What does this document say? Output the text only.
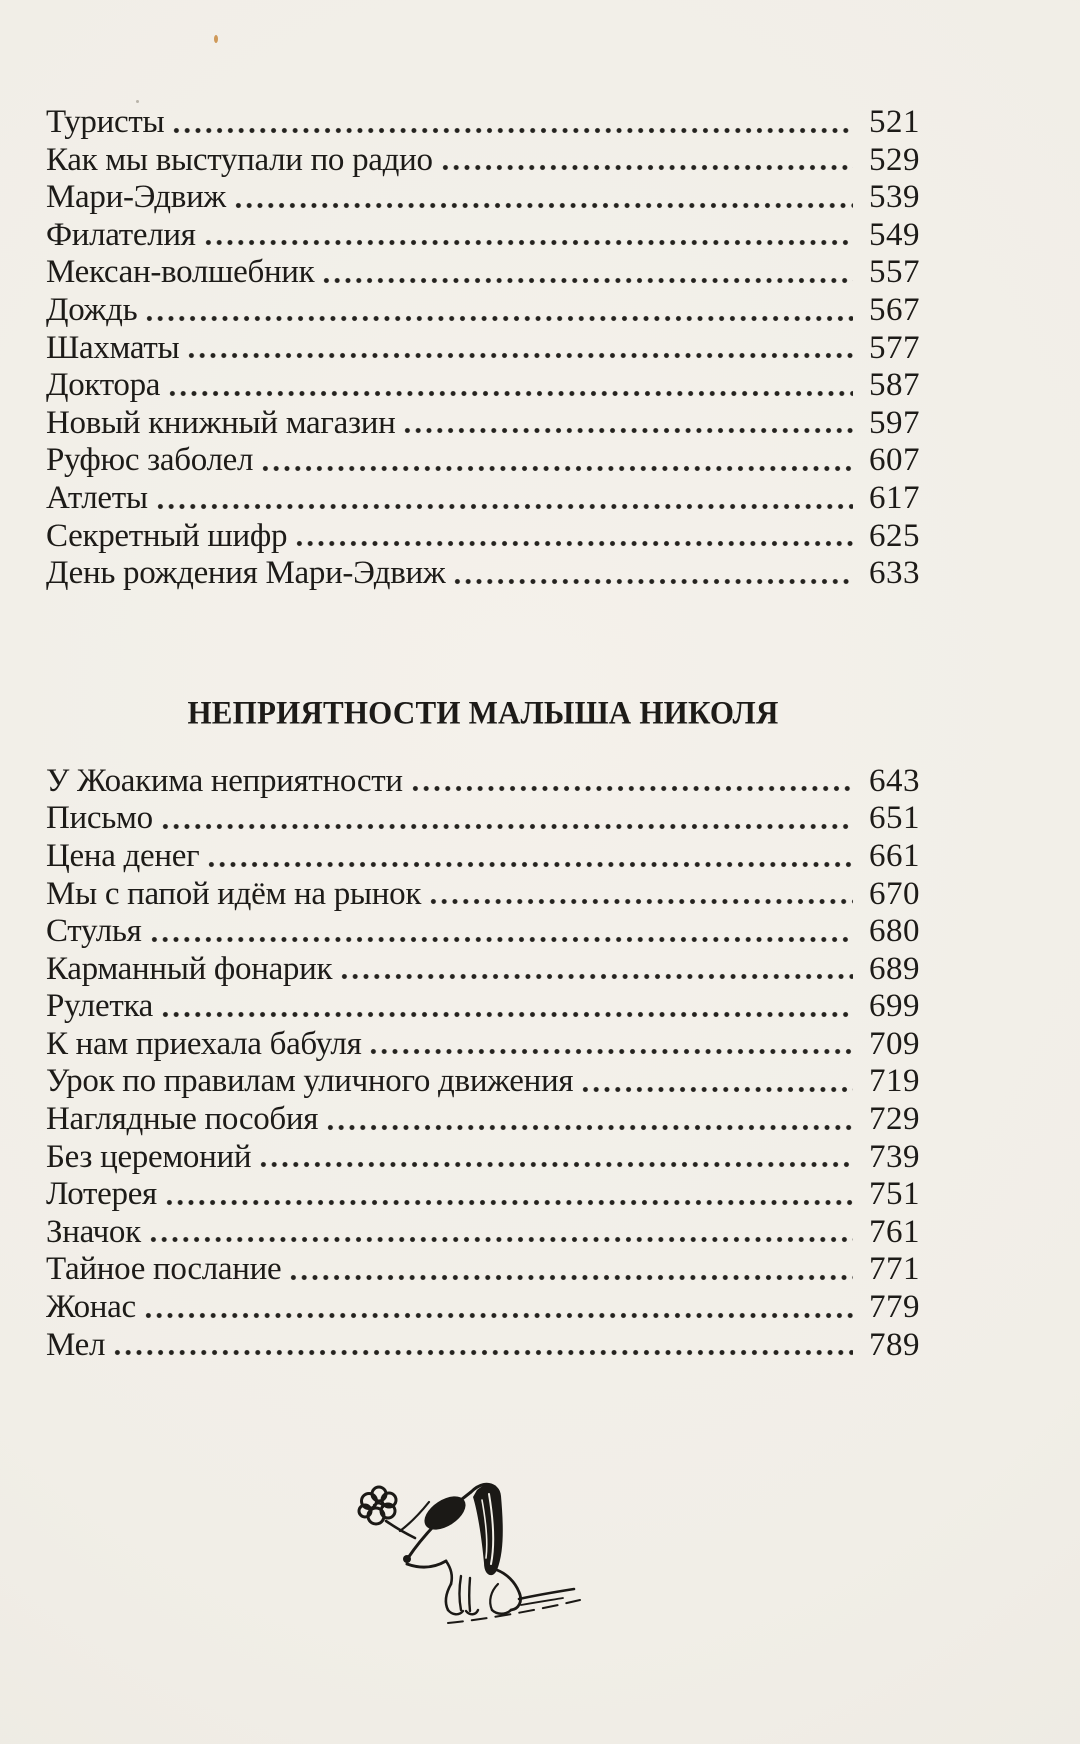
Туристы	521
Как мы выступали по радио	529
Мари-Эдвиж	539
Филателия	549
Мексан-волшебник	557
Дождь	567
Шахматы	577
Доктора	587
Новый книжный магазин	597
Руфюс заболел	607
Атлеты	617
Секретный шифр	625
День рождения Мари-Эдвиж	633
НЕПРИЯТНОСТИ МАЛЫША НИКОЛЯ
У Жоакима неприятности	643
Письмо	651
Цена денег	661
Мы с папой идём на рынок	670
Стулья	680
Карманный фонарик	689
Рулетка	699
К нам приехала бабуля	709
Урок по правилам уличного движения	719
Наглядные пособия	729
Без церемоний	739
Лотерея	751
Значок	761
Тайное послание	771
Жонас	779
Мел	789
